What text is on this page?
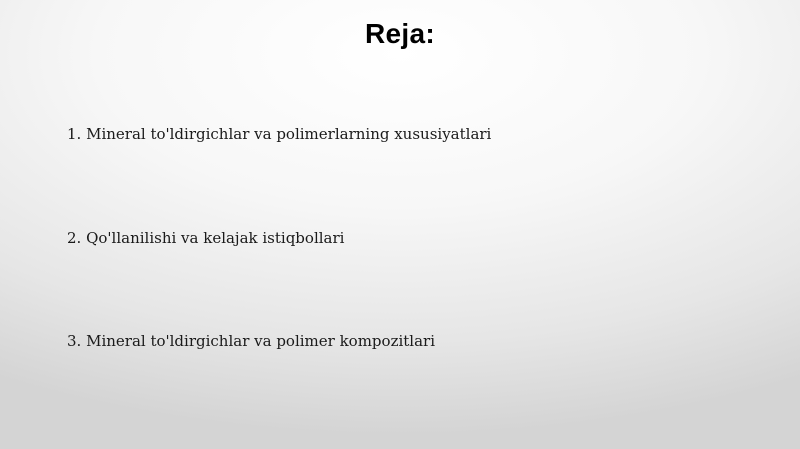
Reja:
1. Mineral to'ldirgichlar va polimerlarning xususiyatlari
2. Qo'llanilishi va kelajak istiqbollari
3. Mineral to'ldirgichlar va polimer kompozitlari
